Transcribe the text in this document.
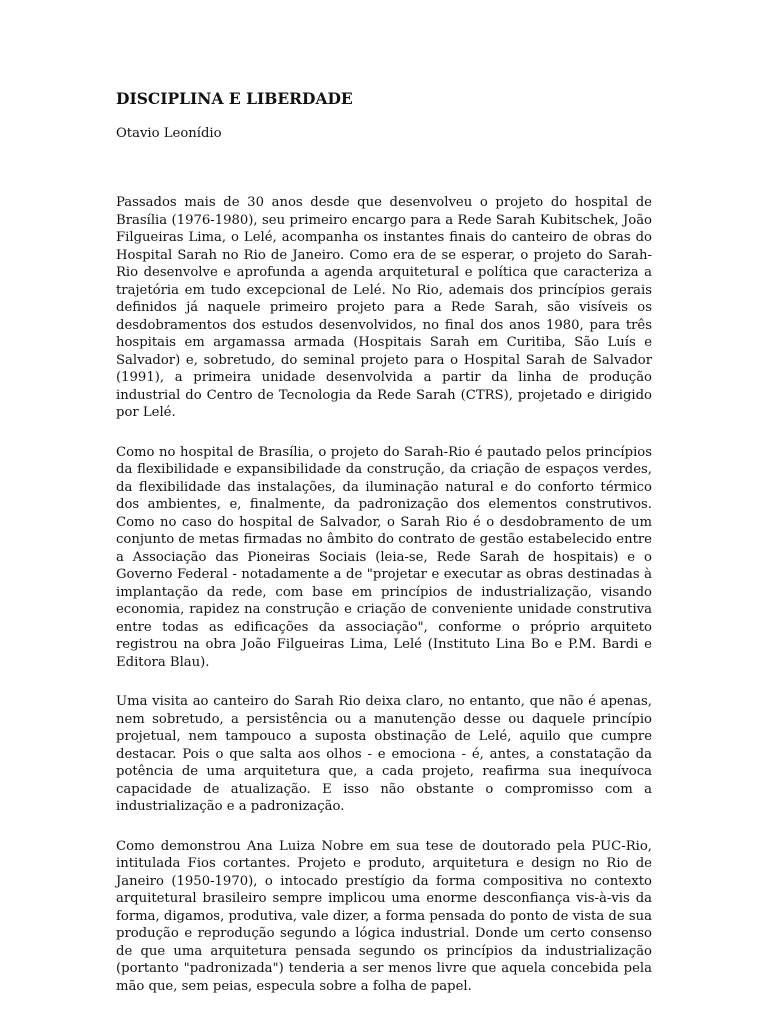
DISCIPLINA E LIBERDADE

Otavio Leonídio

Passados mais de 30 anos desde que desenvolveu o projeto do hospital de Brasília (1976-1980), seu primeiro encargo para a Rede Sarah Kubitschek, João Filgueiras Lima, o Lelé, acompanha os instantes finais do canteiro de obras do Hospital Sarah no Rio de Janeiro. Como era de se esperar, o projeto do Sarah-Rio desenvolve e aprofunda a agenda arquitetural e política que caracteriza a trajetória em tudo excepcional de Lelé. No Rio, ademais dos princípios gerais definidos já naquele primeiro projeto para a Rede Sarah, são visíveis os desdobramentos dos estudos desenvolvidos, no final dos anos 1980, para três hospitais em argamassa armada (Hospitais Sarah em Curitiba, São Luís e Salvador) e, sobretudo, do seminal projeto para o Hospital Sarah de Salvador (1991), a primeira unidade desenvolvida a partir da linha de produção industrial do Centro de Tecnologia da Rede Sarah (CTRS), projetado e dirigido por Lelé.

Como no hospital de Brasília, o projeto do Sarah-Rio é pautado pelos princípios da flexibilidade e expansibilidade da construção, da criação de espaços verdes, da flexibilidade das instalações, da iluminação natural e do conforto térmico dos ambientes, e, finalmente, da padronização dos elementos construtivos. Como no caso do hospital de Salvador, o Sarah Rio é o desdobramento de um conjunto de metas firmadas no âmbito do contrato de gestão estabelecido entre a Associação das Pioneiras Sociais (leia-se, Rede Sarah de hospitais) e o Governo Federal - notadamente a de "projetar e executar as obras destinadas à implantação da rede, com base em princípios de industrialização, visando economia, rapidez na construção e criação de conveniente unidade construtiva entre todas as edificações da associação", conforme o próprio arquiteto registrou na obra João Filgueiras Lima, Lelé (Instituto Lina Bo e P.M. Bardi e Editora Blau).

Uma visita ao canteiro do Sarah Rio deixa claro, no entanto, que não é apenas, nem sobretudo, a persistência ou a manutenção desse ou daquele princípio projetual, nem tampouco a suposta obstinação de Lelé, aquilo que cumpre destacar. Pois o que salta aos olhos - e emociona - é, antes, a constatação da potência de uma arquitetura que, a cada projeto, reafirma sua inequívoca capacidade de atualização. E isso não obstante o compromisso com a industrialização e a padronização.

Como demonstrou Ana Luiza Nobre em sua tese de doutorado pela PUC-Rio, intitulada Fios cortantes. Projeto e produto, arquitetura e design no Rio de Janeiro (1950-1970), o intocado prestígio da forma compositiva no contexto arquitetural brasileiro sempre implicou uma enorme desconfiança vis-à-vis da forma, digamos, produtiva, vale dizer, a forma pensada do ponto de vista de sua produção e reprodução segundo a lógica industrial. Donde um certo consenso de que uma arquitetura pensada segundo os princípios da industrialização (portanto "padronizada") tenderia a ser menos livre que aquela concebida pela mão que, sem peias, especula sobre a folha de papel.
